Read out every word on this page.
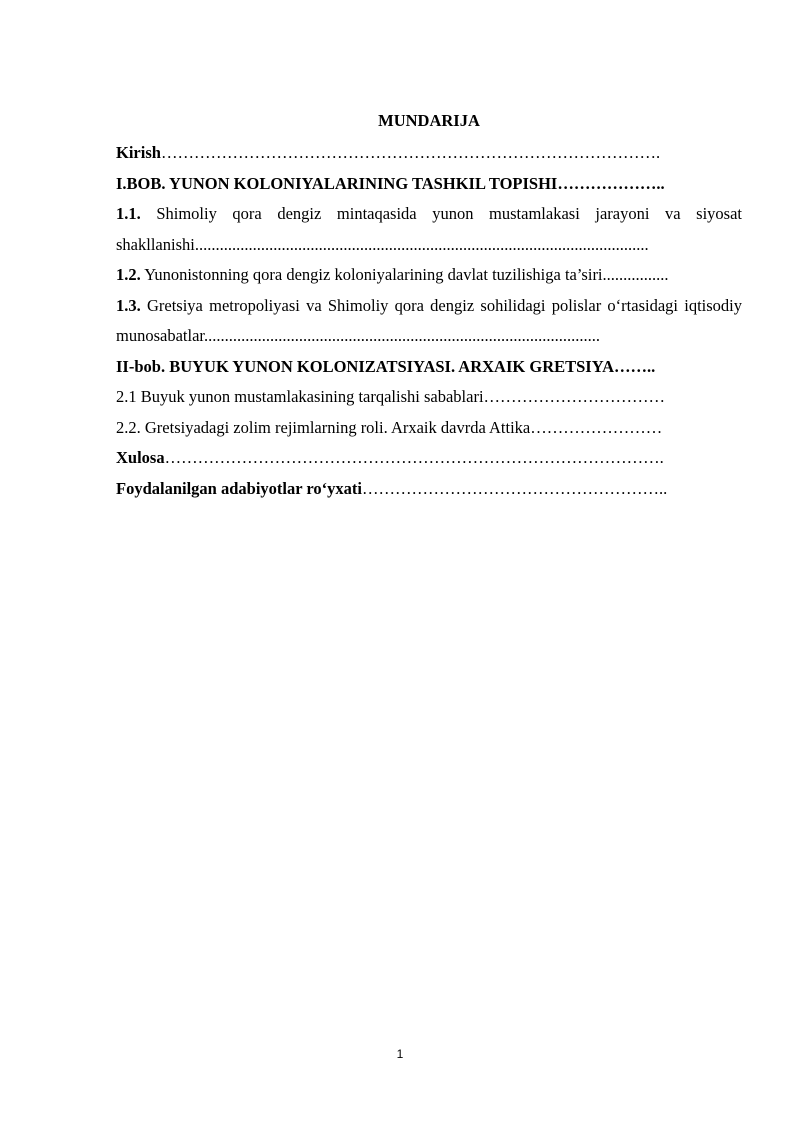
MUNDARIJA
Kirish……………………………………………………………………………….
I.BOB. YUNON KOLONIYALARINING TASHKIL TOPISHI………………..
1.1. Shimoliy qora dengiz mintaqasida yunon mustamlakasi jarayoni va siyosat shakllanishi..............................................................................................................
1.2. Yunonistonning qora dengiz koloniyalarining davlat tuzilishiga ta’siri................
1.3. Gretsiya metropoliyasi va Shimoliy qora dengiz sohilidagi polislar o‘rtasidagi iqtisodiy munosabatlar................................................................................................
II-bob. BUYUK YUNON KOLONIZATSIYASI. ARXAIK GRETSIYA……..
2.1 Buyuk yunon mustamlakasining tarqalishi sabablari……………………………
2.2. Gretsiyadagi zolim rejimlarning roli. Arxaik davrda Attika……………………
Xulosa……………………………………………………………………………….
Foydalanilgan adabiyotlar ro‘yxati………………………………………………..
1
